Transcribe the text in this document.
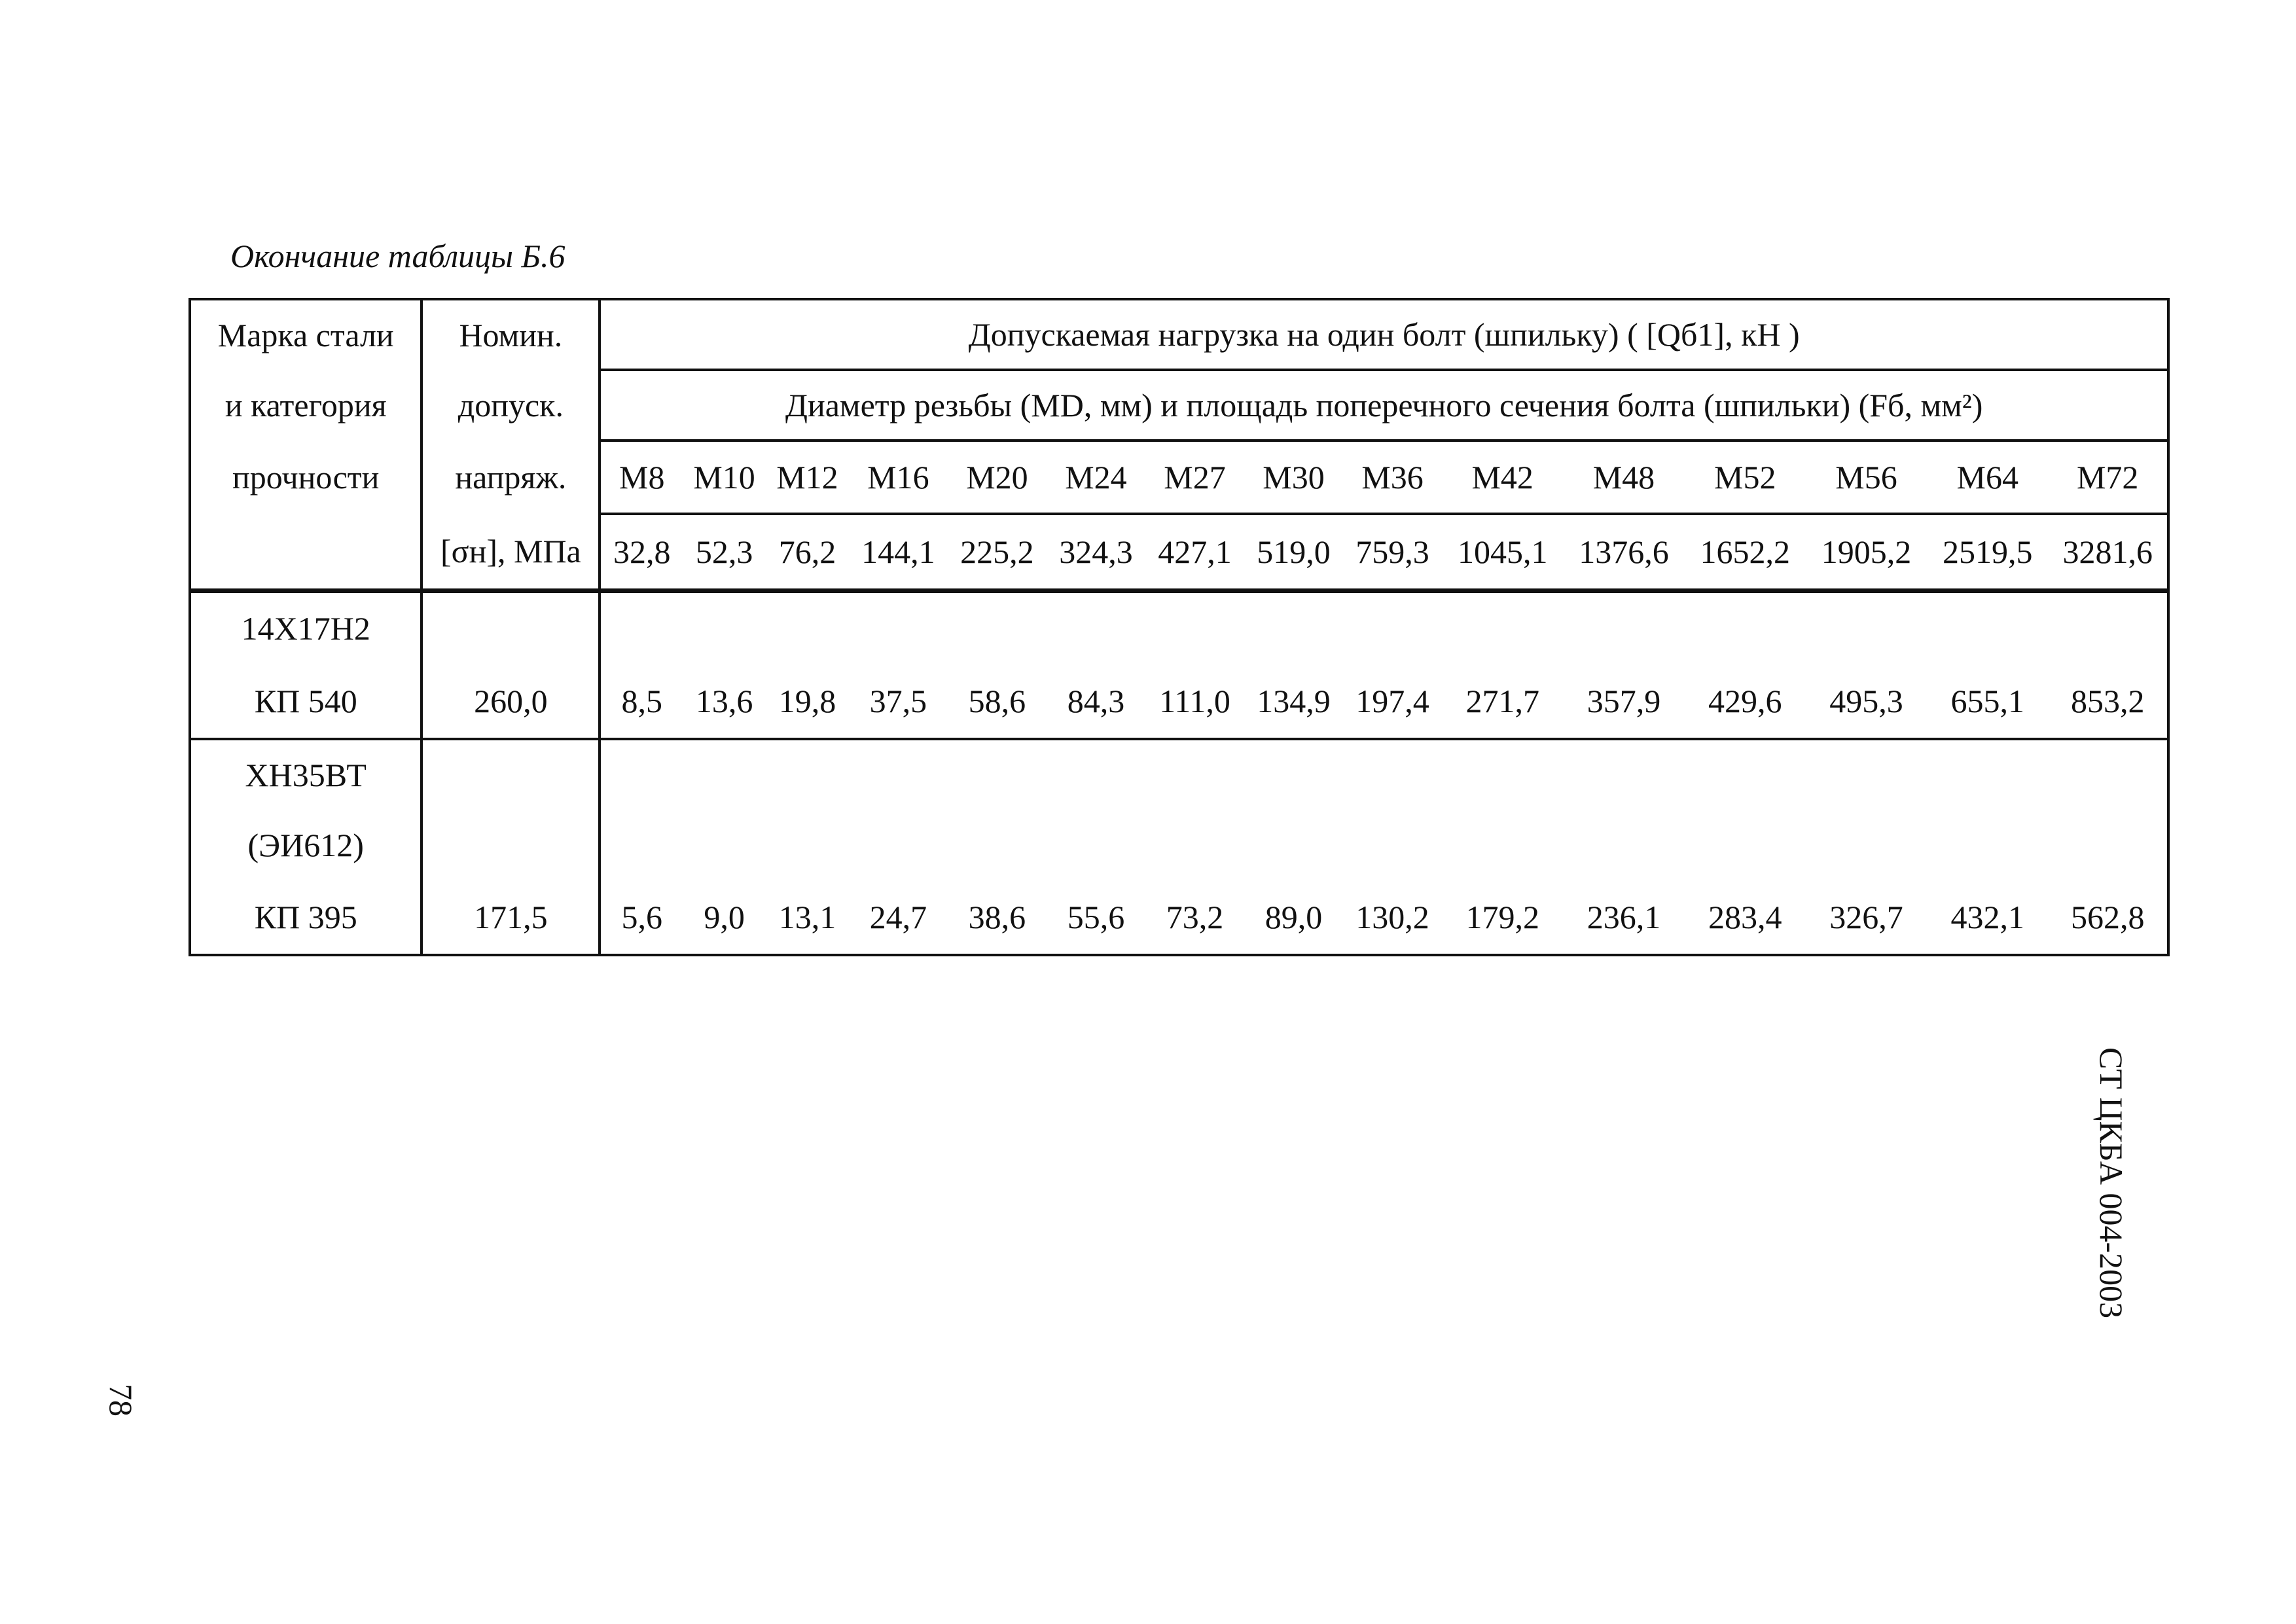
Окончание таблицы Б.6
Марка стали	Номин.	Допускаемая нагрузка на один болт (шпильку) ( [Qб1], кН )														
и категория	допуск.	Диаметр резьбы (MD, мм) и площадь поперечного сечения болта (шпильки) (Fб, мм²)														
прочности	напряж.	M8	M10	M12	M16	M20	M24	M27	M30	M36	M42	M48	M52	M56	M64	M72
	[σн], МПа	32,8	52,3	76,2	144,1	225,2	324,3	427,1	519,0	759,3	1045,1	1376,6	1652,2	1905,2	2519,5	3281,6
14Х17Н2																
КП 540	260,0	8,5	13,6	19,8	37,5	58,6	84,3	111,0	134,9	197,4	271,7	357,9	429,6	495,3	655,1	853,2
ХН35ВТ																
(ЭИ612)																
КП 395	171,5	5,6	9,0	13,1	24,7	38,6	55,6	73,2	89,0	130,2	179,2	236,1	283,4	326,7	432,1	562,8
СТ ЦКБА 004-2003
78
